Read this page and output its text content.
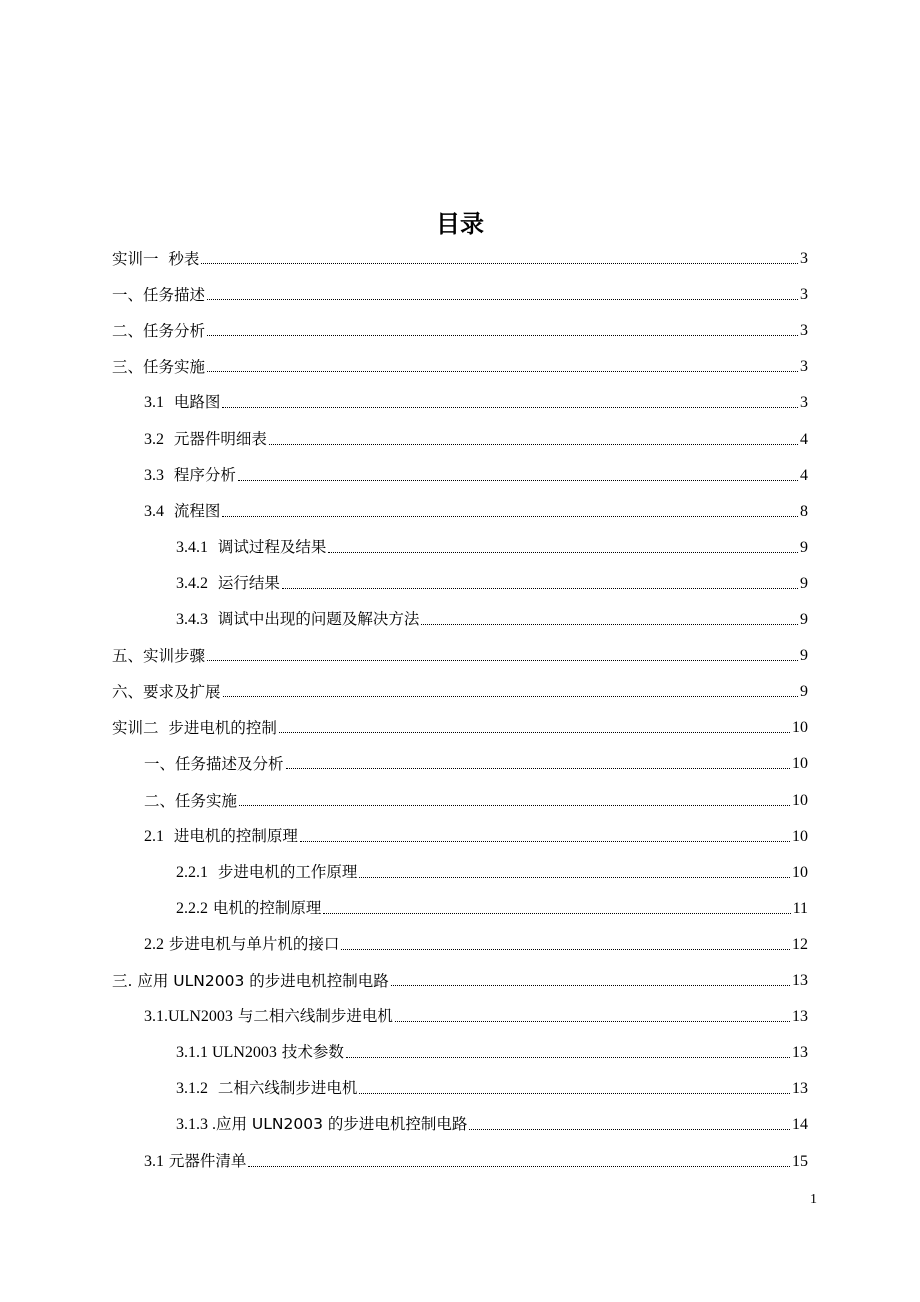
目录
实训一  秒表	3
一、任务描述	3
二、任务分析	3
三、任务实施	3
3.1  电路图	3
3.2  元器件明细表	4
3.3  程序分析	4
3.4  流程图	8
3.4.1  调试过程及结果	9
3.4.2  运行结果	9
3.4.3  调试中出现的问题及解决方法	9
五、实训步骤	9
六、要求及扩展	9
实训二  步进电机的控制	10
一、任务描述及分析	10
二、任务实施	10
2.1  进电机的控制原理	10
2.2.1  步进电机的工作原理	10
2.2.2 电机的控制原理	11
2.2 步进电机与单片机的接口	12
三. 应用 ULN2003 的步进电机控制电路	13
3.1.ULN2003 与二相六线制步进电机	13
3.1.1 ULN2003 技术参数	13
3.1.2  二相六线制步进电机	13
3.1.3 .应用 ULN2003 的步进电机控制电路	14
3.1 元器件清单	15
1
